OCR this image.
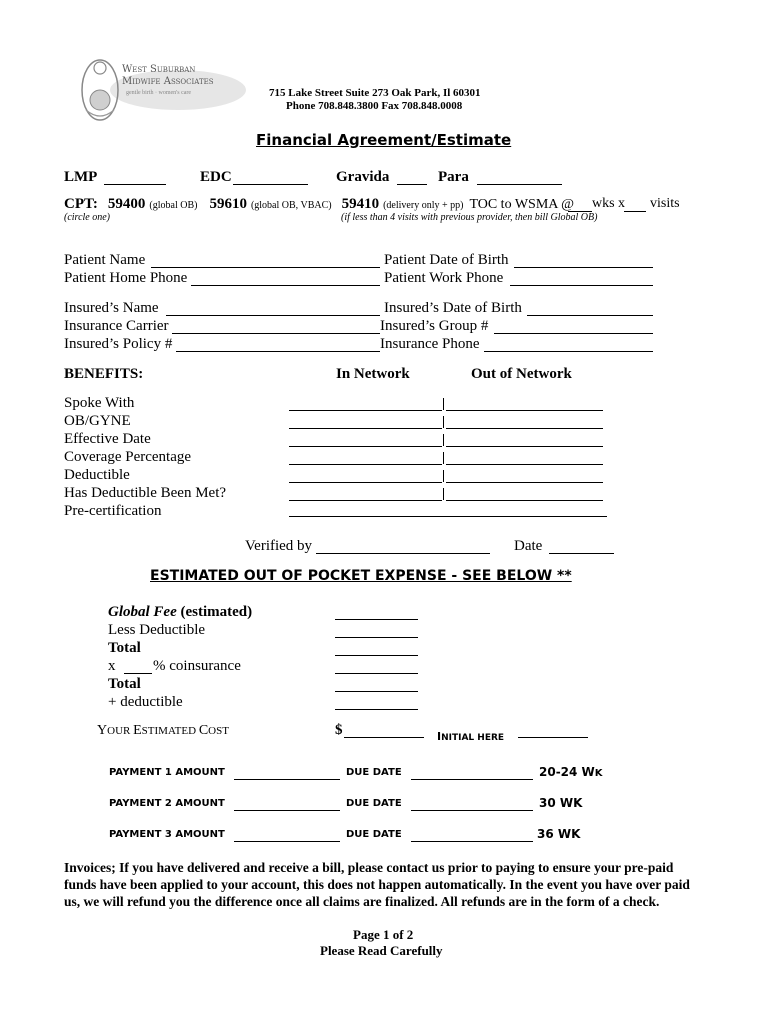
West Suburban
Midwife Associates
gentle birth · women's care	715 Lake Street Suite 273 Oak Park, Il 60301
Phone 708.848.3800 Fax 708.848.0008
Financial Agreement/Estimate
LMP	EDC	Gravida	Para
CPT: 59400 (global OB) 59610 (global OB, VBAC) 59410 (delivery only + pp) TOC to WSMA @ wks x visits
(circle one)	(if less than 4 visits with previous provider, then bill Global OB)
Patient Name	Patient Date of Birth
Patient Home Phone	Patient Work Phone
Insured’s Name	Insured’s Date of Birth
Insurance Carrier	Insured’s Group #
Insured’s Policy #	Insurance Phone
BENEFITS:	In Network	Out of Network
Spoke With
OB/GYNE
Effective Date
Coverage Percentage
Deductible
Has Deductible Been Met?
Pre-certification
Verified by	Date
ESTIMATED OUT OF POCKET EXPENSE - SEE BELOW **
Global Fee (estimated)
Less Deductible
Total
x	% coinsurance
Total
+ deductible
YOUR ESTIMATED COST	$	INITIAL HERE
PAYMENT 1 AMOUNT	DUE DATE	20-24 WK
PAYMENT 2 AMOUNT	DUE DATE	30 WK
PAYMENT 3 AMOUNT	DUE DATE	36 WK
Invoices; If you have delivered and receive a bill, please contact us prior to paying to ensure your pre-paid funds have been applied to your account, this does not happen automatically. In the event you have over paid us, we will refund you the difference once all claims are finalized. All refunds are in the form of a check.
Page 1 of 2
Please Read Carefully
